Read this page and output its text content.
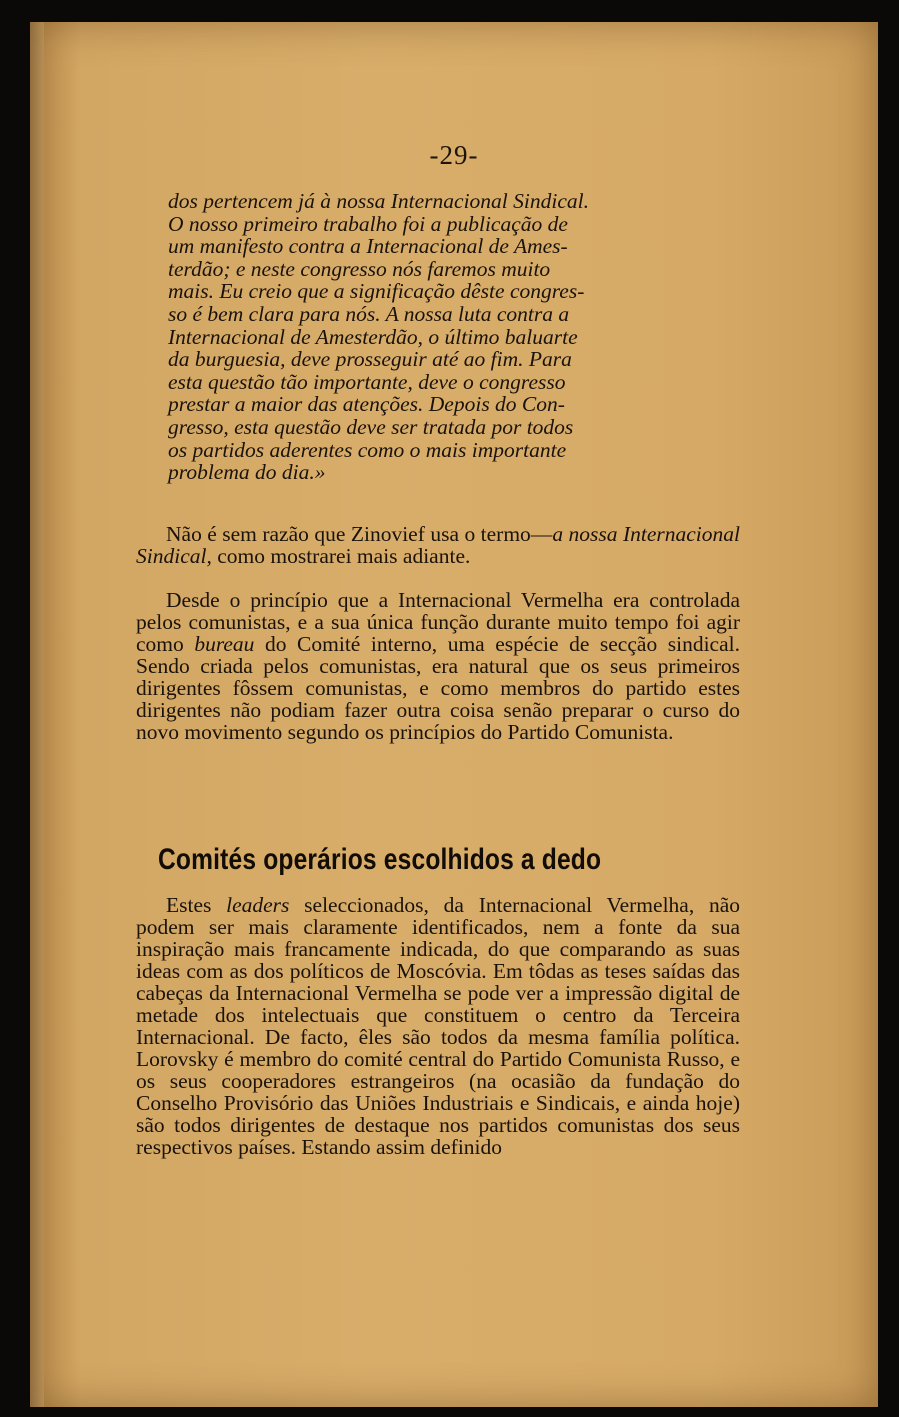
-29-
dos pertencem já à nossa Internacional Sindical.
O nosso primeiro trabalho foi a publicação de
um manifesto contra a Internacional de Ames-
terdão; e neste congresso nós faremos muito
mais. Eu creio que a significação dêste congres-
so é bem clara para nós. A nossa luta contra a
Internacional de Amesterdão, o último baluarte
da burguesia, deve prosseguir até ao fim. Para
esta questão tão importante, deve o congresso
prestar a maior das atenções. Depois do Con-
gresso, esta questão deve ser tratada por todos
os partidos aderentes como o mais importante
problema do dia.»
Não é sem razão que Zinovief usa o termo—a nossa Internacional Sindical, como mostrarei mais adiante.
Desde o princípio que a Internacional Vermelha era controlada pelos comunistas, e a sua única função durante muito tempo foi agir como bureau do Comité interno, uma espécie de secção sindical. Sendo criada pelos comunistas, era natural que os seus primeiros dirigentes fôssem comunistas, e como membros do partido estes dirigentes não podiam fazer outra coisa senão preparar o curso do novo movimento segundo os princípios do Partido Comunista.
Comités operários escolhidos a dedo
Estes leaders seleccionados, da Internacional Vermelha, não podem ser mais claramente identificados, nem a fonte da sua inspiração mais francamente indicada, do que comparando as suas ideas com as dos políticos de Moscóvia. Em tôdas as teses saídas das cabeças da Internacional Vermelha se pode ver a impressão digital de metade dos intelectuais que constituem o centro da Terceira Internacional. De facto, êles são todos da mesma família política. Lorovsky é membro do comité central do Partido Comunista Russo, e os seus cooperadores estrangeiros (na ocasião da fundação do Conselho Provisório das Uniões Industriais e Sindicais, e ainda hoje) são todos dirigentes de destaque nos partidos comunistas dos seus respectivos países. Estando assim definido
